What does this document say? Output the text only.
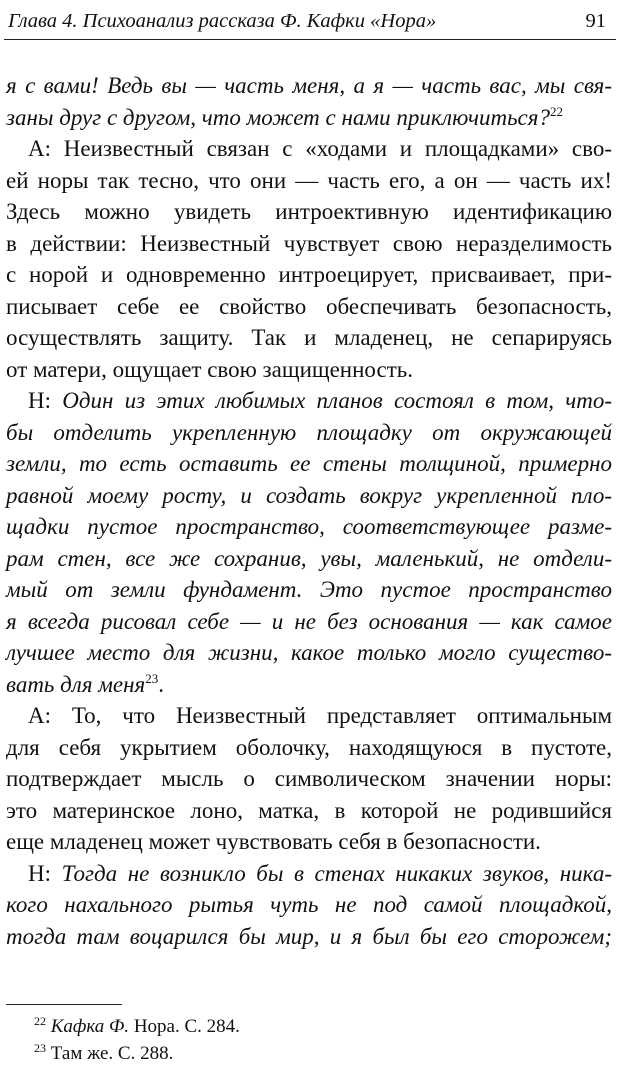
Глава 4. Психоанализ рассказа Ф. Кафки «Нора»	91
я с вами! Ведь вы — часть меня, а я — часть вас, мы свя-
заны друг с другом, что может с нами приключиться?$^{22}$
А: Неизвестный связан с «ходами и площадками» сво-
ей норы так тесно, что они — часть его, а он — часть их!
Здесь можно увидеть интроективную идентификацию
в действии: Неизвестный чувствует свою неразделимость
с норой и одновременно интроецирует, присваивает, при-
писывает себе ее свойство обеспечивать безопасность,
осуществлять защиту. Так и младенец, не сепарируясь
от матери, ощущает свою защищенность.
Н: Один из этих любимых планов состоял в том, что-
бы отделить укрепленную площадку от окружающей
земли, то есть оставить ее стены толщиной, примерно
равной моему росту, и создать вокруг укрепленной пло-
щадки пустое пространство, соответствующее разме-
рам стен, все же сохранив, увы, маленький, не отдели-
мый от земли фундамент. Это пустое пространство
я всегда рисовал себе — и не без основания — как самое
лучшее место для жизни, какое только могло существо-
вать для меня$^{23}$.
А: То, что Неизвестный представляет оптимальным
для себя укрытием оболочку, находящуюся в пустоте,
подтверждает мысль о символическом значении норы:
это материнское лоно, матка, в которой не родившийся
еще младенец может чувствовать себя в безопасности.
Н: Тогда не возникло бы в стенах никаких звуков, ника-
кого нахального рытья чуть не под самой площадкой,
тогда там воцарился бы мир, и я был бы его сторожем;
$^{22}$ Кафка Ф. Нора. С. 284.
$^{23}$ Там же. С. 288.
